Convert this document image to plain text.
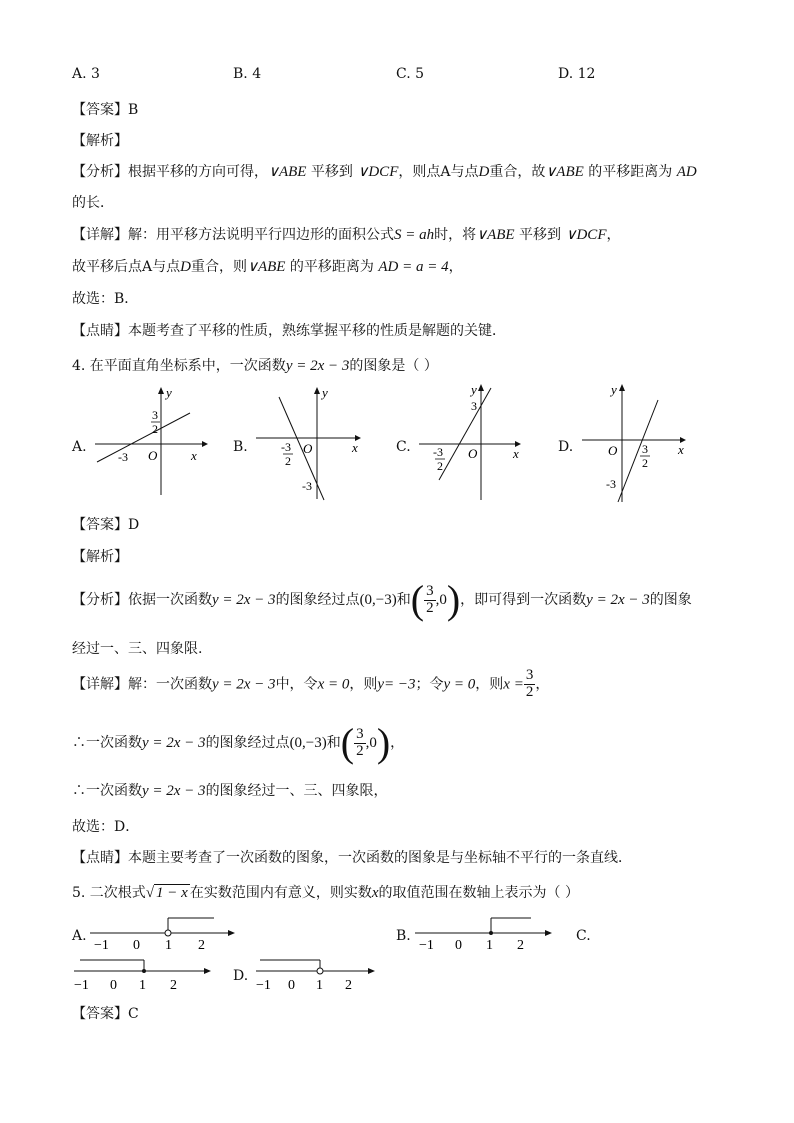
A. 3	B. 4	C. 5	D. 12
【答案】B
【解析】
【分析】根据平移的方向可得，∨ABE 平移到 ∨DCF，则点A与点D重合，故∨ABE 的平移距离为 AD
的长．
【详解】解：用平移方法说明平行四边形的面积公式S = ah时，将∨ABE 平移到 ∨DCF，
故平移后点A与点D重合，则∨ABE 的平移距离为 AD = a = 4，
故选：B．
【点睛】本题考查了平移的性质，熟练掌握平移的性质是解题的关键．
4. 在平面直角坐标系中，一次函数y = 2x − 3的图象是（ ）
A.
y
x
O
-3
3
2
B.
y
x
O
-3
2
-3
C.
y
x
O
-3
2
3
D.
y
x
O 3
2
-3
【答案】D
【解析】
【分析】依据一次函数y = 2x − 3的图象经过点(0,−3)和( $\frac{3}{2} ,0$)，即可得到一次函数y = 2x − 3的图象
经过一、三、四象限.
【详解】解：一次函数y = 2x − 3中，令x = 0，则y= −3；令y = 0，则$x = \frac{3}{2}$ ，
∴一次函数y = 2x − 3的图象经过点(0,−3)和( $\frac{3}{2} ,0$)，
∴一次函数y = 2x − 3的图象经过一、三、四象限，
故选：D．
【点睛】本题主要考查了一次函数的图象，一次函数的图象是与坐标轴不平行的一条直线．
5. 二次根式√ 1 − x 在实数范围内有意义，则实数x的取值范围在数轴上表示为（ ）
A.
−1 0 1 2
B.
−1 0 1 2
C.
−1 0 1 2
D.
−1 0 1 2
【答案】C
